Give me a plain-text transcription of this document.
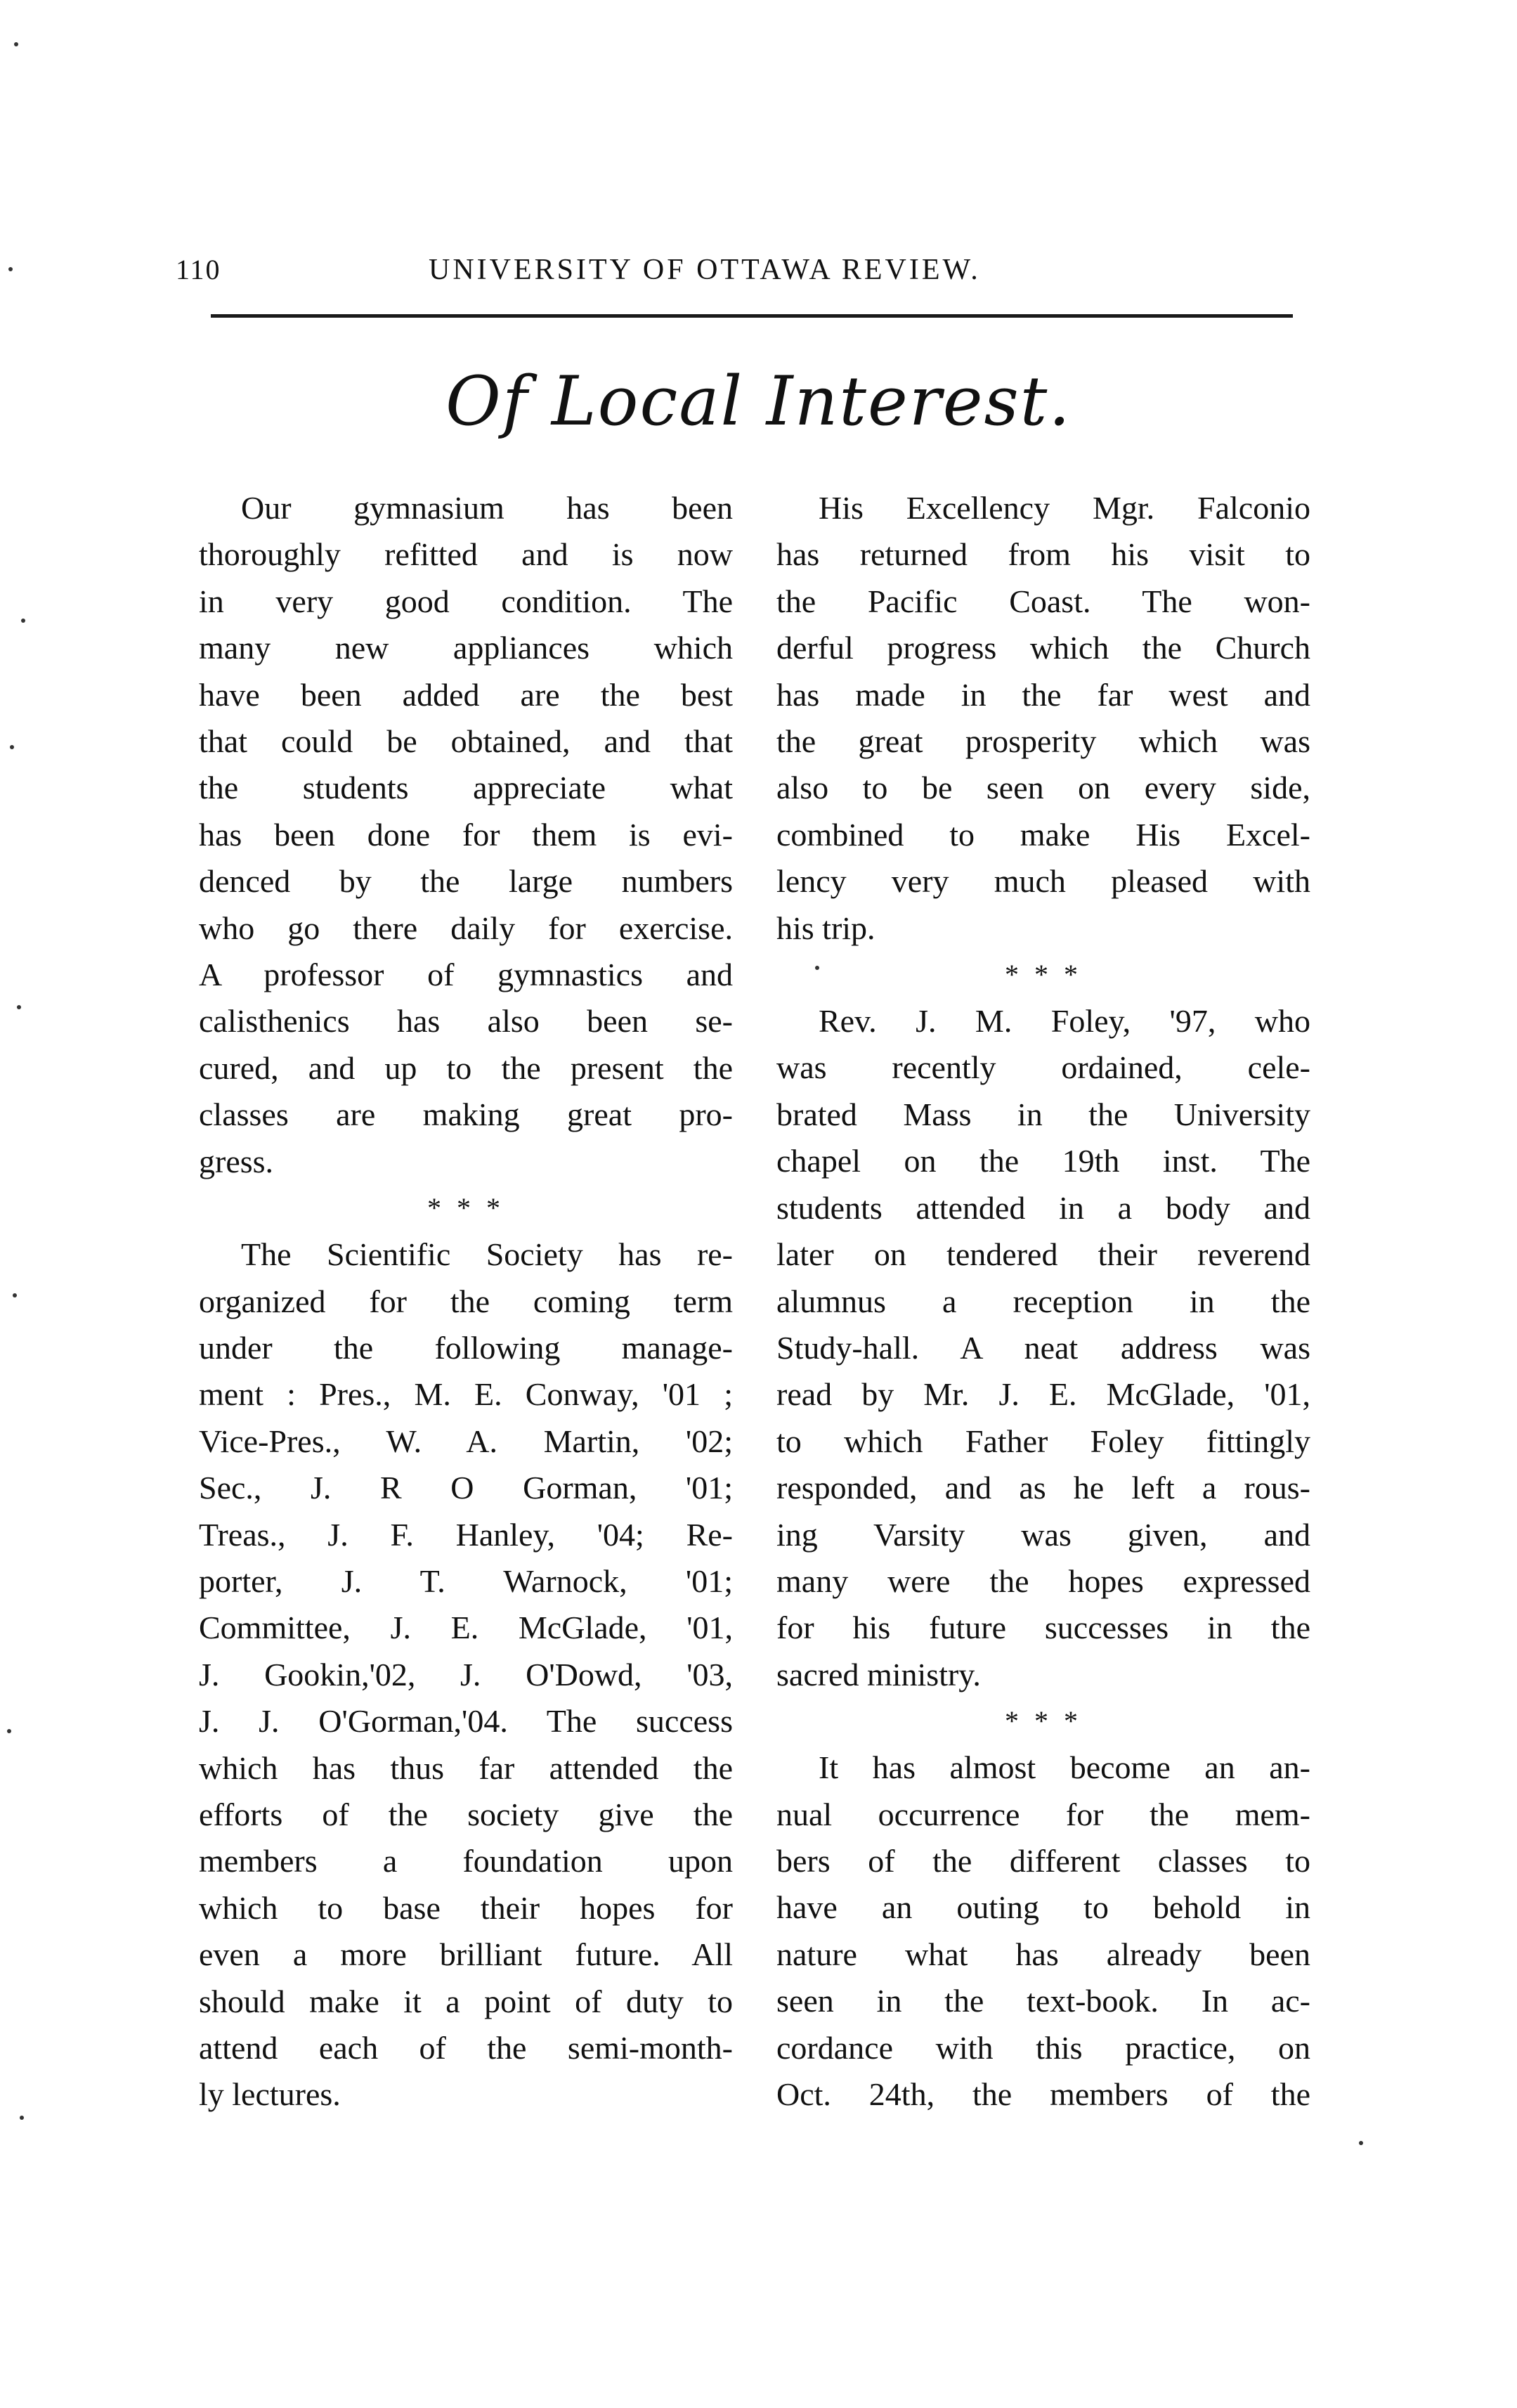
110	UNIVERSITY OF OTTAWA REVIEW.
Of Local Interest.

Our gymnasium has been

thoroughly refitted and is now

in very good condition. The

many new appliances which

have been added are the best

that could be obtained, and that

the students appreciate what

has been done for them is evi-

denced by the large numbers

who go there daily for exercise.

A professor of gymnastics and

calisthenics has also been se-

cured, and up to the present the

classes are making great pro-

gress.

* * *

The Scientific Society has re-

organized for the coming term

under the following manage-

ment : Pres., M. E. Conway, '01 ;

Vice-Pres., W. A. Martin, '02;

Sec., J. R O Gorman, '01;

Treas., J. F. Hanley, '04; Re-

porter, J. T. Warnock, '01;

Committee, J. E. McGlade, '01,

J. Gookin,'02, J. O'Dowd, '03,

J. J. O'Gorman,'04. The success

which has thus far attended the

efforts of the society give the

members a foundation upon

which to base their hopes for

even a more brilliant future. All

should make it a point of duty to

attend each of the semi-month-

ly lectures.

His Excellency Mgr. Falconio

has returned from his visit to

the Pacific Coast. The won-

derful progress which the Church

has made in the far west and

the great prosperity which was

also to be seen on every side,

combined to make His Excel-

lency very much pleased with

his trip.

* * *

Rev. J. M. Foley, '97, who

was recently ordained, cele-

brated Mass in the University

chapel on the 19th inst. The

students attended in a body and

later on tendered their reverend

alumnus a reception in the

Study-hall. A neat address was

read by Mr. J. E. McGlade, '01,

to which Father Foley fittingly

responded, and as he left a rous-

ing Varsity was given, and

many were the hopes expressed

for his future successes in the

sacred ministry.

* * *

It has almost become an an-

nual occurrence for the mem-

bers of the different classes to

have an outing to behold in

nature what has already been

seen in the text-book. In ac-

cordance with this practice, on

Oct. 24th, the members of the
